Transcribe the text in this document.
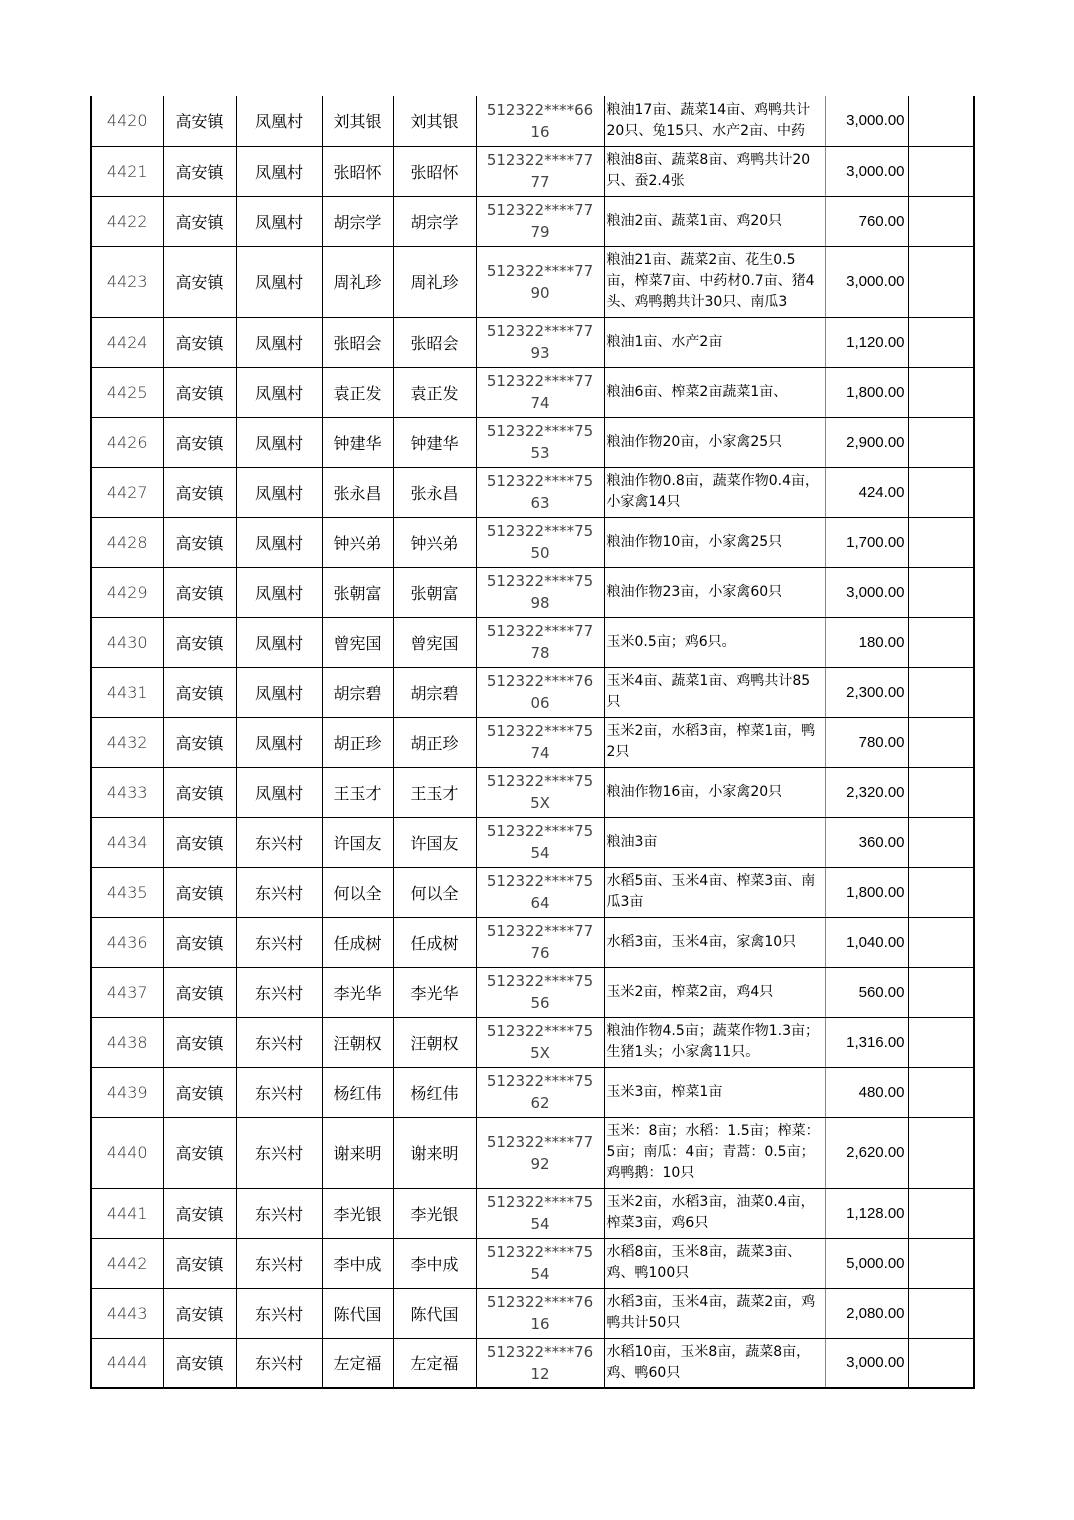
4420	高安镇	凤凰村	刘其银	刘其银	512322****6616	粮油17亩、蔬菜14亩、鸡鸭共计20只、兔15只、水产2亩、中药	3,000.00	
4421	高安镇	凤凰村	张昭怀	张昭怀	512322****7777	粮油8亩、蔬菜8亩、鸡鸭共计20只、蚕2.4张	3,000.00	
4422	高安镇	凤凰村	胡宗学	胡宗学	512322****7779	粮油2亩、蔬菜1亩、鸡20只	760.00	
4423	高安镇	凤凰村	周礼珍	周礼珍	512322****7790	粮油21亩、蔬菜2亩、花生0.5亩，榨菜7亩、中药材0.7亩、猪4头、鸡鸭鹅共计30只、南瓜3	3,000.00	
4424	高安镇	凤凰村	张昭会	张昭会	512322****7793	粮油1亩、水产2亩	1,120.00	
4425	高安镇	凤凰村	袁正发	袁正发	512322****7774	粮油6亩、榨菜2亩蔬菜1亩、	1,800.00	
4426	高安镇	凤凰村	钟建华	钟建华	512322****7553	粮油作物20亩，小家禽25只	2,900.00	
4427	高安镇	凤凰村	张永昌	张永昌	512322****7563	粮油作物0.8亩，蔬菜作物0.4亩，小家禽14只	424.00	
4428	高安镇	凤凰村	钟兴弟	钟兴弟	512322****7550	粮油作物10亩，小家禽25只	1,700.00	
4429	高安镇	凤凰村	张朝富	张朝富	512322****7598	粮油作物23亩，小家禽60只	3,000.00	
4430	高安镇	凤凰村	曾宪国	曾宪国	512322****7778	玉米0.5亩；鸡6只。	180.00	
4431	高安镇	凤凰村	胡宗碧	胡宗碧	512322****7606	玉米4亩、蔬菜1亩、鸡鸭共计85只	2,300.00	
4432	高安镇	凤凰村	胡正珍	胡正珍	512322****7574	玉米2亩，水稻3亩，榨菜1亩，鸭2只	780.00	
4433	高安镇	凤凰村	王玉才	王玉才	512322****755X	粮油作物16亩，小家禽20只	2,320.00	
4434	高安镇	东兴村	许国友	许国友	512322****7554	粮油3亩	360.00	
4435	高安镇	东兴村	何以全	何以全	512322****7564	水稻5亩、玉米4亩、榨菜3亩、南瓜3亩	1,800.00	
4436	高安镇	东兴村	任成树	任成树	512322****7776	水稻3亩，玉米4亩，家禽10只	1,040.00	
4437	高安镇	东兴村	李光华	李光华	512322****7556	玉米2亩，榨菜2亩，鸡4只	560.00	
4438	高安镇	东兴村	汪朝权	汪朝权	512322****755X	粮油作物4.5亩；蔬菜作物1.3亩；生猪1头；小家禽11只。	1,316.00	
4439	高安镇	东兴村	杨红伟	杨红伟	512322****7562	玉米3亩，榨菜1亩	480.00	
4440	高安镇	东兴村	谢来明	谢来明	512322****7792	玉米：8亩；水稻：1.5亩；榨菜：5亩；南瓜：4亩；青蒿：0.5亩；鸡鸭鹅：10只	2,620.00	
4441	高安镇	东兴村	李光银	李光银	512322****7554	玉米2亩，水稻3亩，油菜0.4亩，榨菜3亩，鸡6只	1,128.00	
4442	高安镇	东兴村	李中成	李中成	512322****7554	水稻8亩，玉米8亩，蔬菜3亩、鸡、鸭100只	5,000.00	
4443	高安镇	东兴村	陈代国	陈代国	512322****7616	水稻3亩，玉米4亩，蔬菜2亩，鸡鸭共计50只	2,080.00	
4444	高安镇	东兴村	左定福	左定福	512322****7612	水稻10亩，玉米8亩，蔬菜8亩，鸡、鸭60只	3,000.00	
